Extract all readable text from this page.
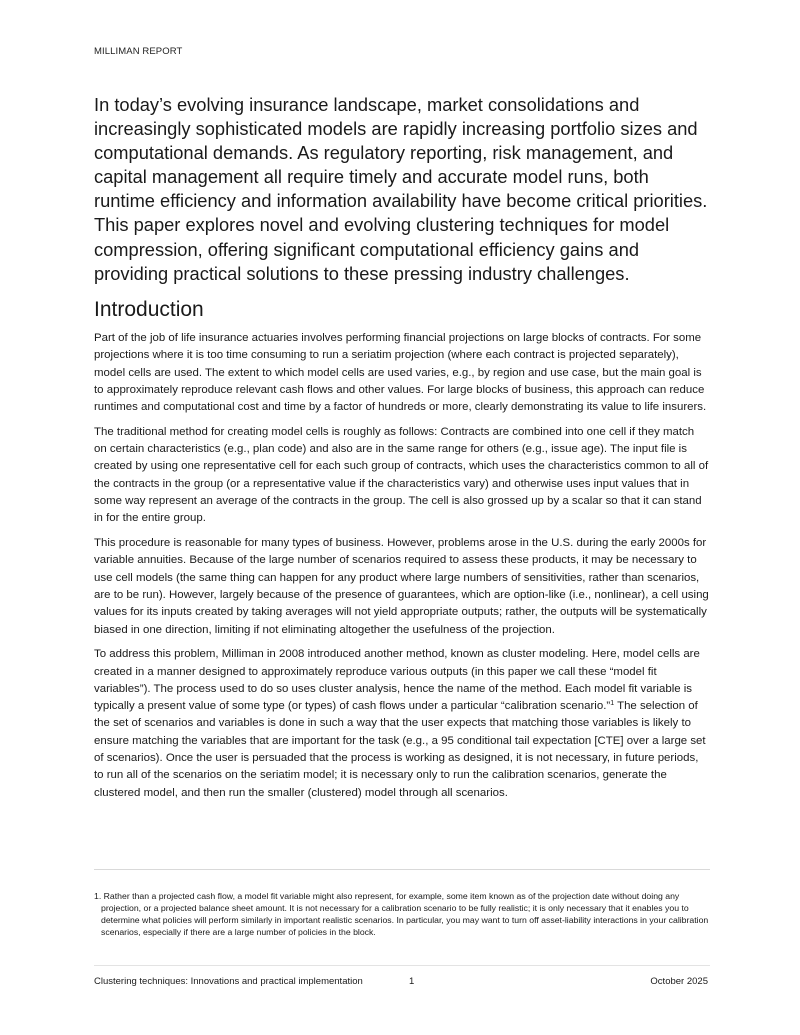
MILLIMAN REPORT

In today’s evolving insurance landscape, market consolidations and increasingly sophisticated models are rapidly increasing portfolio sizes and computational demands. As regulatory reporting, risk management, and capital management all require timely and accurate model runs, both runtime efficiency and information availability have become critical priorities. This paper explores novel and evolving clustering techniques for model compression, offering significant computational efficiency gains and providing practical solutions to these pressing industry challenges.

Introduction

Part of the job of life insurance actuaries involves performing financial projections on large blocks of contracts. For some projections where it is too time consuming to run a seriatim projection (where each contract is projected separately), model cells are used. The extent to which model cells are used varies, e.g., by region and use case, but the main goal is to approximately reproduce relevant cash flows and other values. For large blocks of business, this approach can reduce runtimes and computational cost and time by a factor of hundreds or more, clearly demonstrating its value to life insurers.

The traditional method for creating model cells is roughly as follows: Contracts are combined into one cell if they match on certain characteristics (e.g., plan code) and also are in the same range for others (e.g., issue age). The input file is created by using one representative cell for each such group of contracts, which uses the characteristics common to all of the contracts in the group (or a representative value if the characteristics vary) and otherwise uses input values that in some way represent an average of the contracts in the group. The cell is also grossed up by a scalar so that it can stand in for the entire group.

This procedure is reasonable for many types of business. However, problems arose in the U.S. during the early 2000s for variable annuities. Because of the large number of scenarios required to assess these products, it may be necessary to use cell models (the same thing can happen for any product where large numbers of sensitivities, rather than scenarios, are to be run). However, largely because of the presence of guarantees, which are option-like (i.e., nonlinear), a cell using values for its inputs created by taking averages will not yield appropriate outputs; rather, the outputs will be systematically biased in one direction, limiting if not eliminating altogether the usefulness of the projection.

To address this problem, Milliman in 2008 introduced another method, known as cluster modeling. Here, model cells are created in a manner designed to approximately reproduce various outputs (in this paper we call these “model fit variables”). The process used to do so uses cluster analysis, hence the name of the method. Each model fit variable is typically a present value of some type (or types) of cash flows under a particular “calibration scenario.”$^1$ The selection of the set of scenarios and variables is done in such a way that the user expects that matching those variables is likely to ensure matching the variables that are important for the task (e.g., a 95 conditional tail expectation [CTE] over a large set of scenarios). Once the user is persuaded that the process is working as designed, it is not necessary, in future periods, to run all of the scenarios on the seriatim model; it is necessary only to run the calibration scenarios, generate the clustered model, and then run the smaller (clustered) model through all scenarios.

1. Rather than a projected cash flow, a model fit variable might also represent, for example, some item known as of the projection date without doing any projection, or a projected balance sheet amount. It is not necessary for a calibration scenario to be fully realistic; it is only necessary that it enables you to determine what policies will perform similarly in important realistic scenarios. In particular, you may want to turn off asset-liability interactions in your calibration scenarios, especially if there are a large number of policies in the block.

Clustering techniques: Innovations and practical implementation	1	October 2025
